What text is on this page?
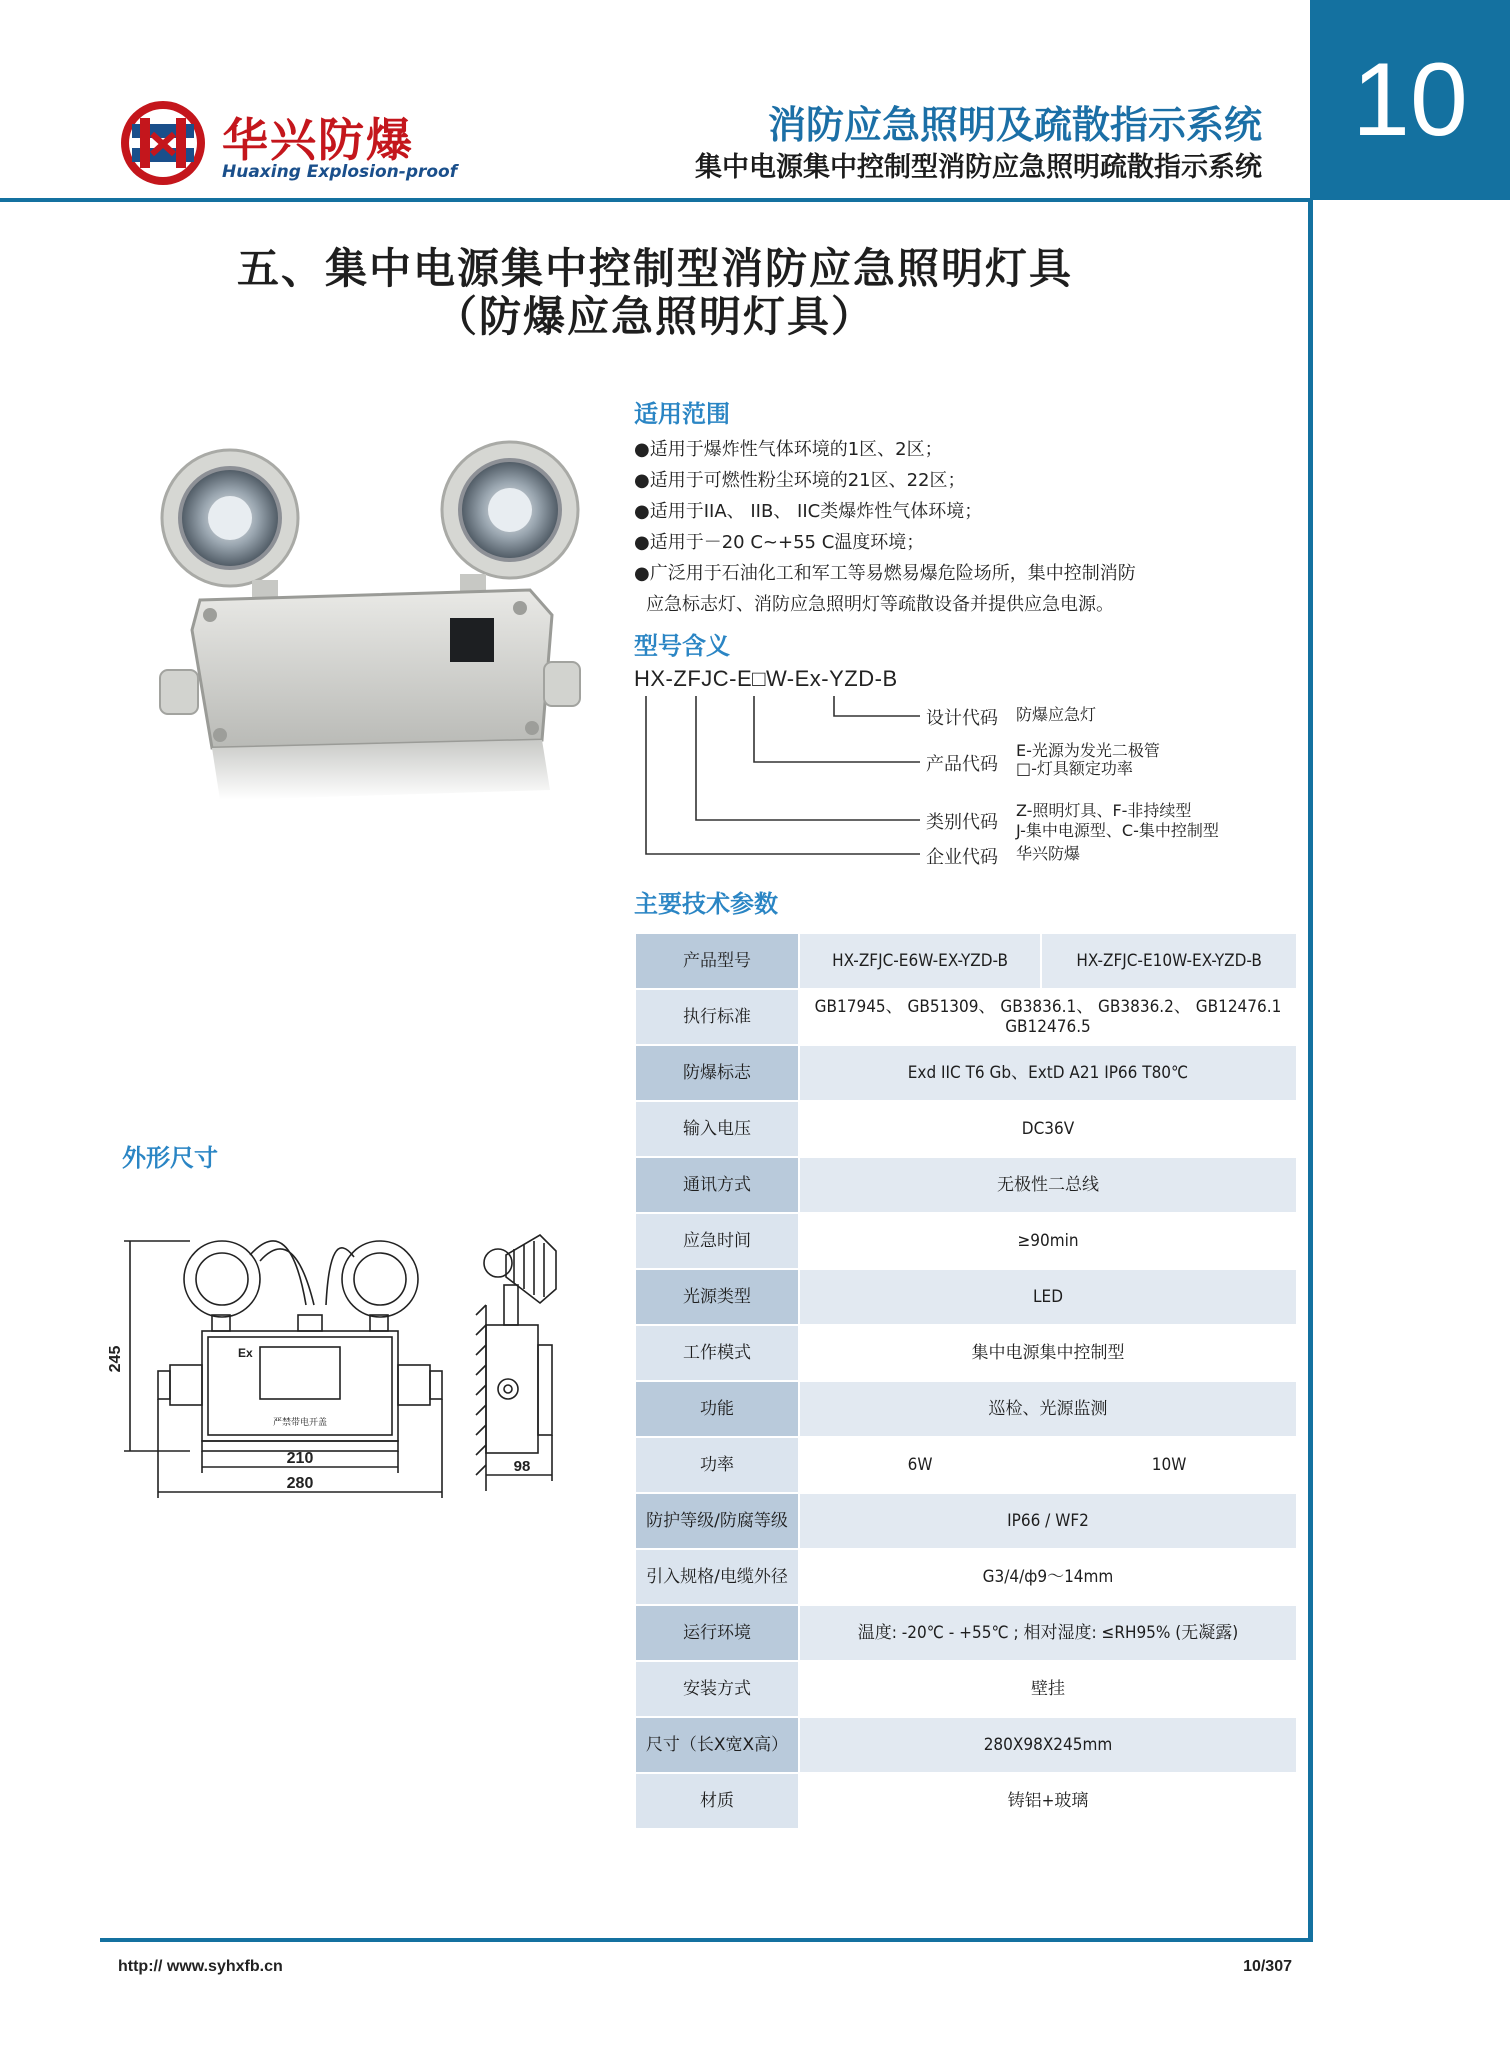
华兴防爆
Huaxing Explosion-proof
消防应急照明及疏散指示系统
集中电源集中控制型消防应急照明疏散指示系统
10
五、集中电源集中控制型消防应急照明灯具
（防爆应急照明灯具）
适用范围
●适用于爆炸性气体环境的1区、2区；
●适用于可燃性粉尘环境的21区、22区；
●适用于IIA、 IIB、 IIC类爆炸性气体环境；
●适用于－20 C~+55 C温度环境；
●广泛用于石油化工和军工等易燃易爆危险场所，集中控制消防
应急标志灯、消防应急照明灯等疏散设备并提供应急电源。
型号含义
HX-ZFJC-E□W-Ex-YZD-B
设计代码 防爆应急灯
产品代码
E-光源为发光二极管
□-灯具额定功率
类别代码
Z-照明灯具、F-非持续型
J-集中电源型、C-集中控制型
企业代码 华兴防爆
主要技术参数
产品型号	HX-ZFJC-E6W-EX-YZD-B	HX-ZFJC-E10W-EX-YZD-B
执行标准	GB17945、 GB51309、 GB3836.1、 GB3836.2、 GB12476.1 GB12476.5	
防爆标志	Exd IIC T6 Gb、ExtD A21 IP66 T80℃	
输入电压	DC36V	
通讯方式	无极性二总线	
应急时间	≥90min	
光源类型	LED	
工作模式	集中电源集中控制型	
功能	巡检、光源监测	
功率	6W	10W
防护等级/防腐等级	IP66 / WF2	
引入规格/电缆外径	G3/4/ф9～14mm	
运行环境	温度: -20℃ - +55℃ ; 相对湿度: ≤RH95% (无凝露)	
安装方式	壁挂	
尺寸（长X宽X高）	280X98X245mm	
材质	铸铝+玻璃	
外形尺寸
245
210
280
98
Ex
严禁带电开盖
http:// www.syhxfb.cn	10/307
